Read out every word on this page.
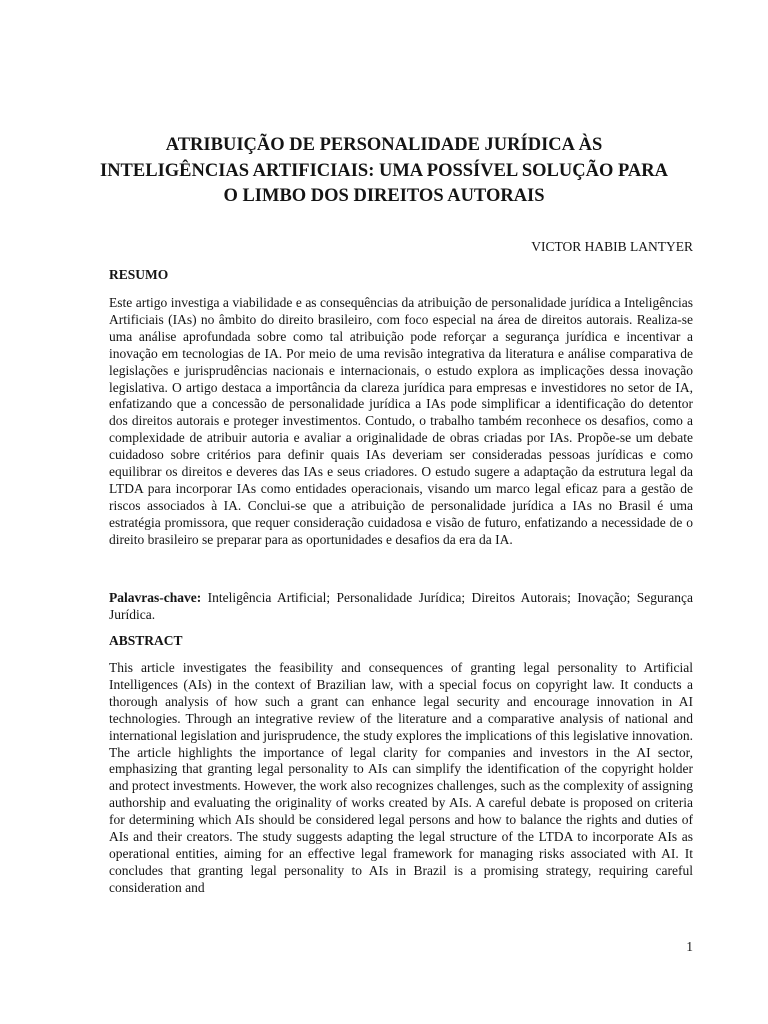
ATRIBUIÇÃO DE PERSONALIDADE JURÍDICA ÀS INTELIGÊNCIAS ARTIFICIAIS: UMA POSSÍVEL SOLUÇÃO PARA O LIMBO DOS DIREITOS AUTORAIS
VICTOR HABIB LANTYER
RESUMO

Este artigo investiga a viabilidade e as consequências da atribuição de personalidade jurídica a Inteligências Artificiais (IAs) no âmbito do direito brasileiro, com foco especial na área de direitos autorais. Realiza-se uma análise aprofundada sobre como tal atribuição pode reforçar a segurança jurídica e incentivar a inovação em tecnologias de IA. Por meio de uma revisão integrativa da literatura e análise comparativa de legislações e jurisprudências nacionais e internacionais, o estudo explora as implicações dessa inovação legislativa. O artigo destaca a importância da clareza jurídica para empresas e investidores no setor de IA, enfatizando que a concessão de personalidade jurídica a IAs pode simplificar a identificação do detentor dos direitos autorais e proteger investimentos. Contudo, o trabalho também reconhece os desafios, como a complexidade de atribuir autoria e avaliar a originalidade de obras criadas por IAs. Propõe-se um debate cuidadoso sobre critérios para definir quais IAs deveriam ser consideradas pessoas jurídicas e como equilibrar os direitos e deveres das IAs e seus criadores. O estudo sugere a adaptação da estrutura legal da LTDA para incorporar IAs como entidades operacionais, visando um marco legal eficaz para a gestão de riscos associados à IA. Conclui-se que a atribuição de personalidade jurídica a IAs no Brasil é uma estratégia promissora, que requer consideração cuidadosa e visão de futuro, enfatizando a necessidade de o direito brasileiro se preparar para as oportunidades e desafios da era da IA.

Palavras-chave: Inteligência Artificial; Personalidade Jurídica; Direitos Autorais; Inovação; Segurança Jurídica.

ABSTRACT

This article investigates the feasibility and consequences of granting legal personality to Artificial Intelligences (AIs) in the context of Brazilian law, with a special focus on copyright law. It conducts a thorough analysis of how such a grant can enhance legal security and encourage innovation in AI technologies. Through an integrative review of the literature and a comparative analysis of national and international legislation and jurisprudence, the study explores the implications of this legislative innovation. The article highlights the importance of legal clarity for companies and investors in the AI sector, emphasizing that granting legal personality to AIs can simplify the identification of the copyright holder and protect investments. However, the work also recognizes challenges, such as the complexity of assigning authorship and evaluating the originality of works created by AIs. A careful debate is proposed on criteria for determining which AIs should be considered legal persons and how to balance the rights and duties of AIs and their creators. The study suggests adapting the legal structure of the LTDA to incorporate AIs as operational entities, aiming for an effective legal framework for managing risks associated with AI. It concludes that granting legal personality to AIs in Brazil is a promising strategy, requiring careful consideration and

1
